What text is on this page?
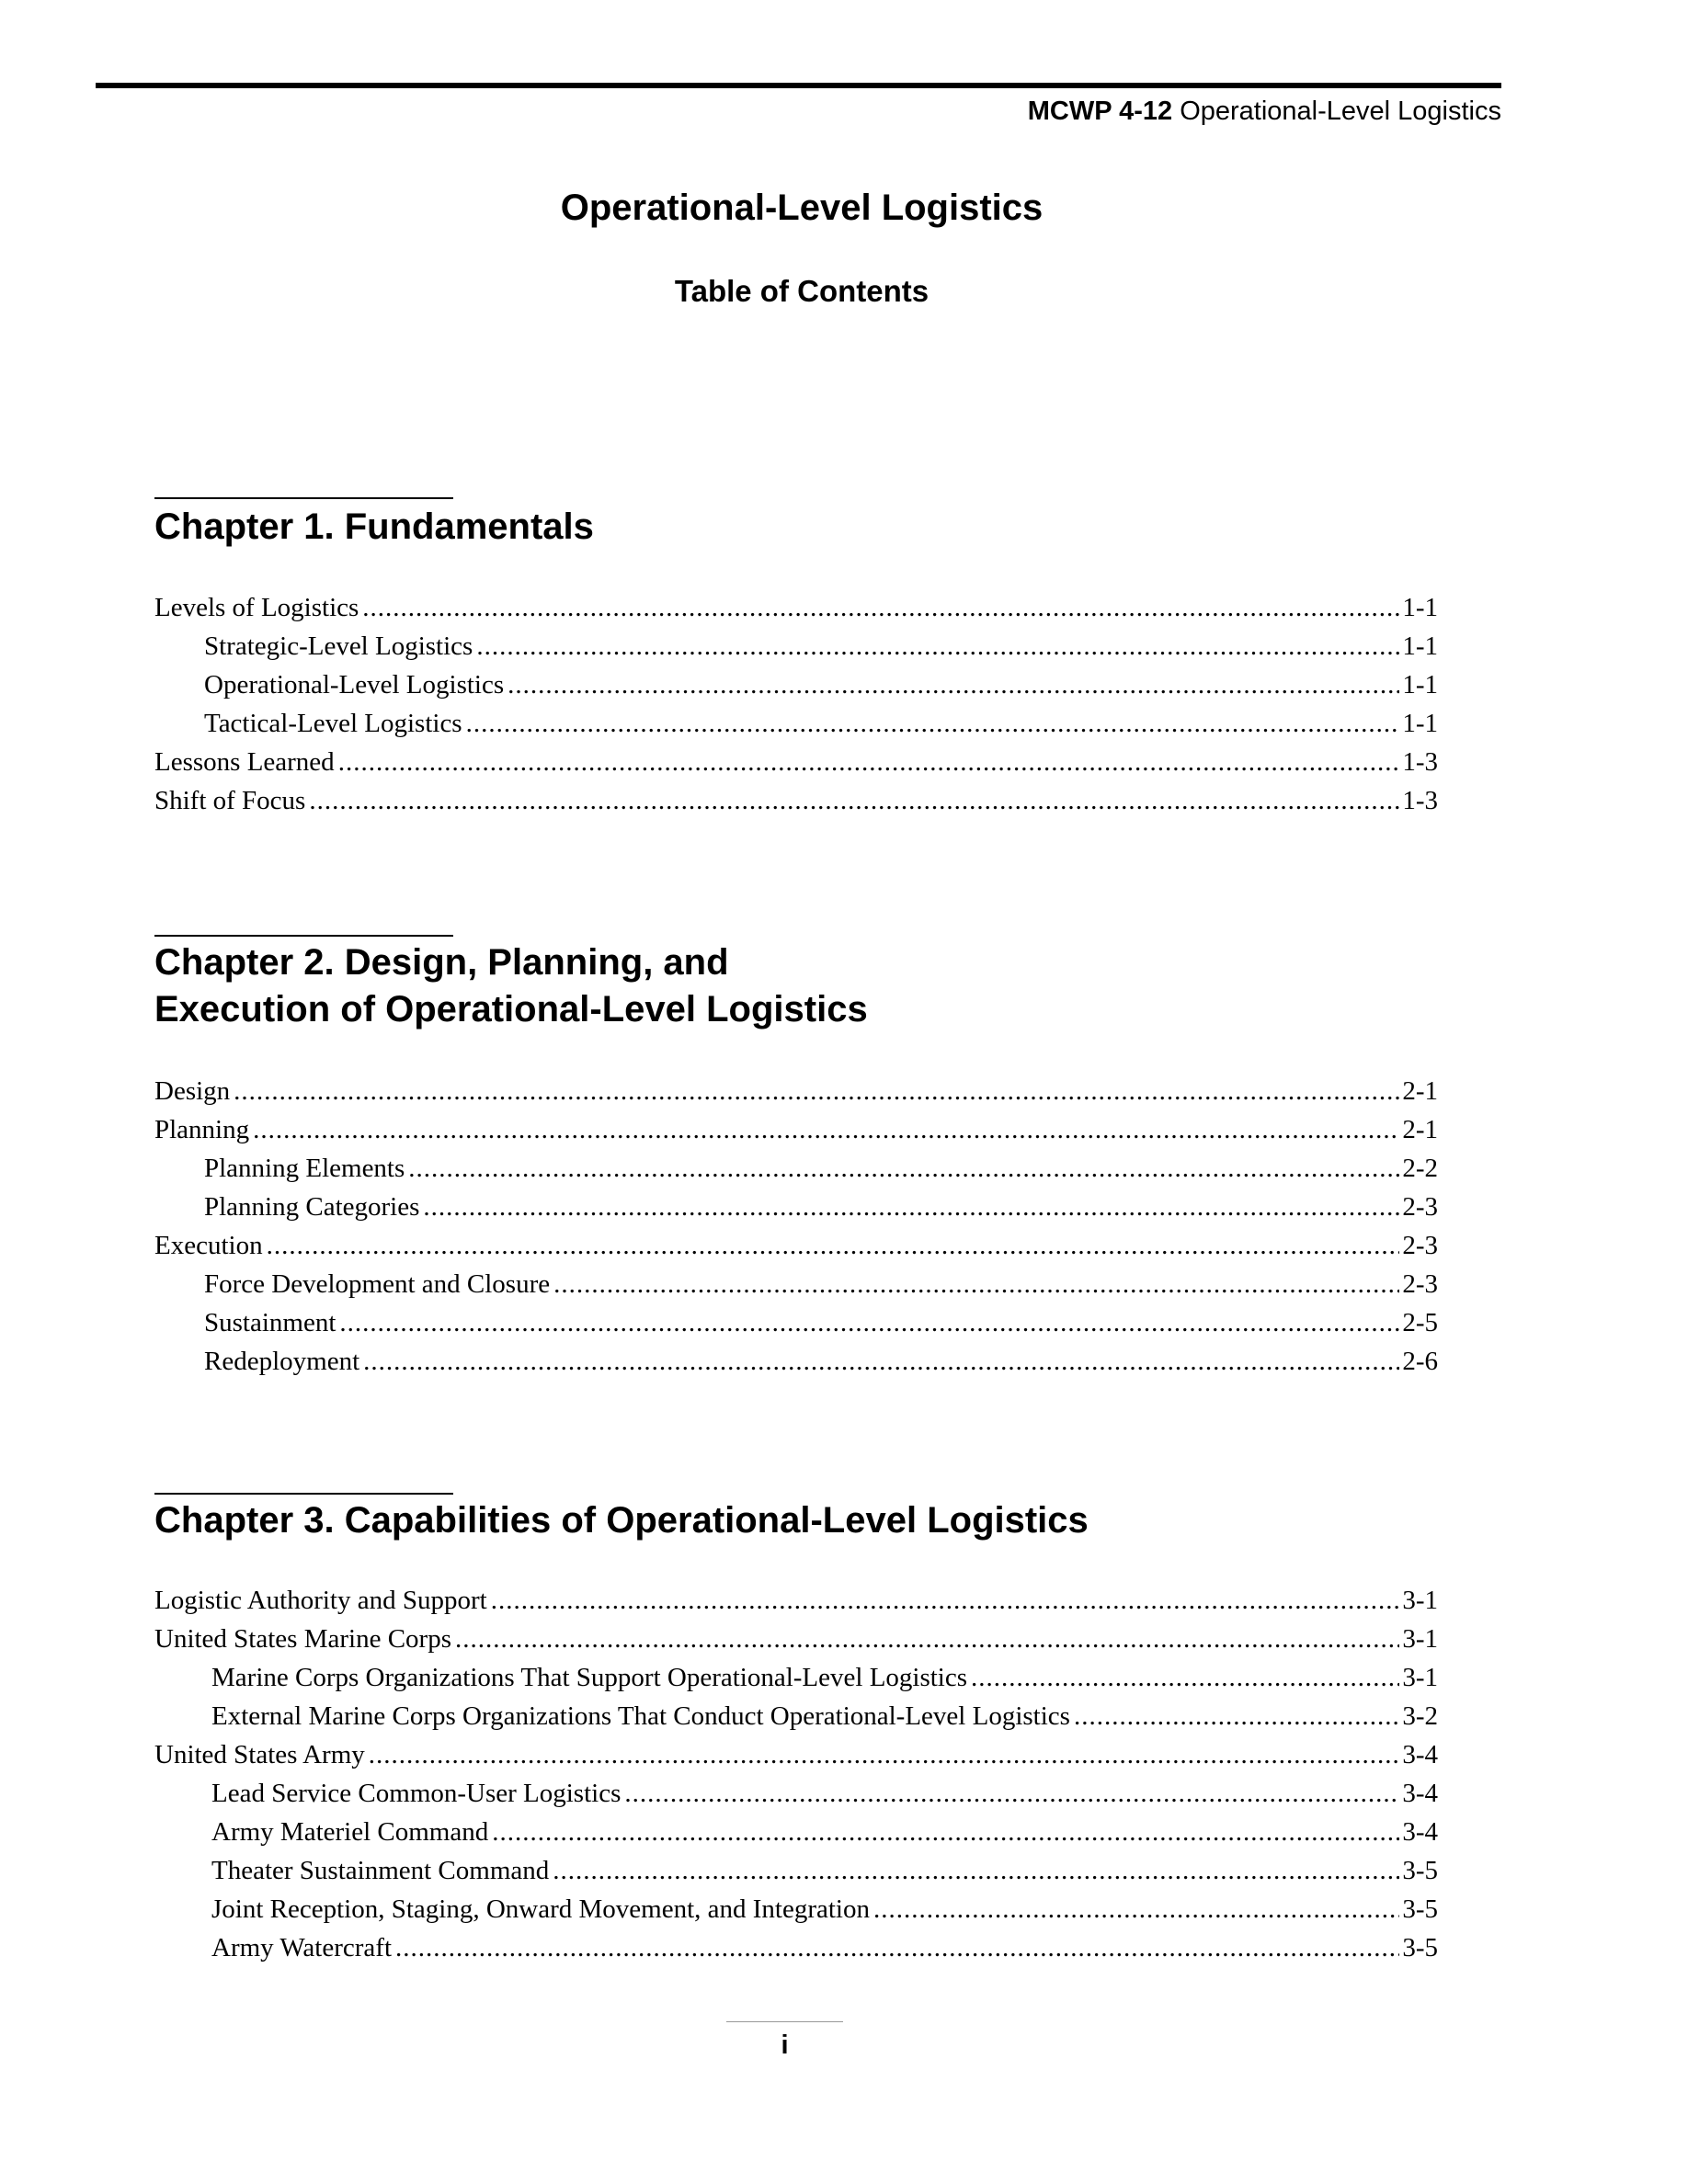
MCWP 4-12 Operational-Level Logistics
Operational-Level Logistics
Table of Contents
Chapter 1. Fundamentals
Levels of Logistics .....	1-1
Strategic-Level Logistics .....	1-1
Operational-Level Logistics .....	1-1
Tactical-Level Logistics .....	1-1
Lessons Learned .....	1-3
Shift of Focus .....	1-3
Chapter 2. Design, Planning, and
Execution of Operational-Level Logistics
Design .....	2-1
Planning .....	2-1
Planning Elements .....	2-2
Planning Categories .....	2-3
Execution .....	2-3
Force Development and Closure .....	2-3
Sustainment .....	2-5
Redeployment .....	2-6
Chapter 3. Capabilities of Operational-Level Logistics
Logistic Authority and Support .....	3-1
United States Marine Corps .....	3-1
Marine Corps Organizations That Support Operational-Level Logistics .....	3-1
External Marine Corps Organizations That Conduct Operational-Level Logistics .....	3-2
United States Army .....	3-4
Lead Service Common-User Logistics .....	3-4
Army Materiel Command .....	3-4
Theater Sustainment Command .....	3-5
Joint Reception, Staging, Onward Movement, and Integration .....	3-5
Army Watercraft .....	3-5
i
